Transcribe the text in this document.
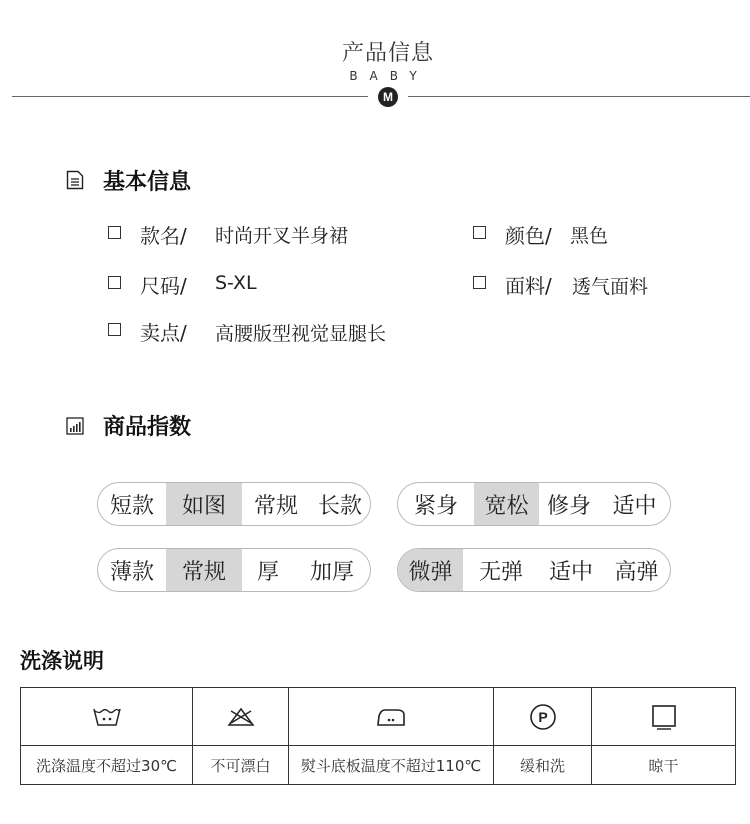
产品信息
BABY
M
基本信息
款名/ 时尚开叉半身裙	颜色/ 黑色
尺码/ S-XL	面料/ 透气面料
卖点/ 高腰版型视觉显腿长
商品指数
短款	如图	常规 长款	紧身	宽松 修身 适中
薄款	常规	厚	加厚	微弹	无弹	适中 高弹
洗涤说明
P
洗涤温度不超过30℃	不可漂白	熨斗底板温度不超过110℃	缓和洗	晾干
